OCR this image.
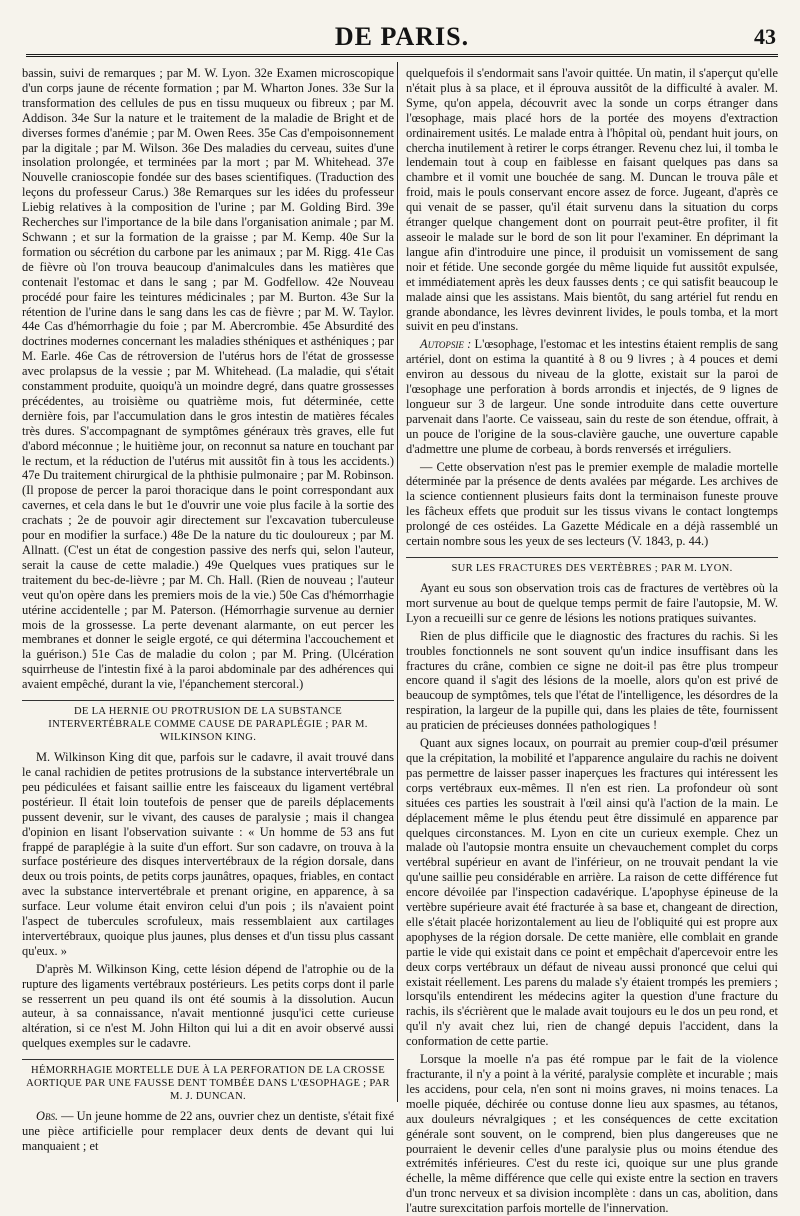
DE PARIS.	43

bassin, suivi de remarques ; par M. W. Lyon. 32e Examen microscopique d'un corps jaune de récente formation ; par M. Wharton Jones. 33e Sur la transformation des cellules de pus en tissu muqueux ou fibreux ; par M. Addison. 34e Sur la nature et le traitement de la maladie de Bright et de diverses formes d'anémie ; par M. Owen Rees. 35e Cas d'empoisonnement par la digitale ; par M. Wilson. 36e Des maladies du cerveau, suites d'une insolation prolongée, et terminées par la mort ; par M. Whitehead. 37e Nouvelle cranioscopie fondée sur des bases scientifiques. (Traduction des leçons du professeur Carus.) 38e Remarques sur les idées du professeur Liebig relatives à la composition de l'urine ; par M. Golding Bird. 39e Recherches sur l'importance de la bile dans l'organisation animale ; par M. Schwann ; et sur la formation de la graisse ; par M. Kemp. 40e Sur la formation ou sécrétion du carbone par les animaux ; par M. Rigg. 41e Cas de fièvre où l'on trouva beaucoup d'animalcules dans les matières que contenait l'estomac et dans le sang ; par M. Godfellow. 42e Nouveau procédé pour faire les teintures médicinales ; par M. Burton. 43e Sur la rétention de l'urine dans le sang dans les cas de fièvre ; par M. W. Taylor. 44e Cas d'hémorrhagie du foie ; par M. Abercrombie. 45e Absurdité des doctrines modernes concernant les maladies sthéniques et asthéniques ; par M. Earle. 46e Cas de rétroversion de l'utérus hors de l'état de grossesse avec prolapsus de la vessie ; par M. Whitehead. (La maladie, qui s'était constamment produite, quoiqu'à un moindre degré, dans quatre grossesses précédentes, au troisième ou quatrième mois, fut déterminée, cette dernière fois, par l'accumulation dans le gros intestin de matières fécales très dures. S'accompagnant de symptômes généraux très graves, elle fut d'abord méconnue ; le huitième jour, on reconnut sa nature en touchant par le rectum, et la réduction de l'utérus mit aussitôt fin à tous les accidents.) 47e Du traitement chirurgical de la phthisie pulmonaire ; par M. Robinson. (Il propose de percer la paroi thoracique dans le point correspondant aux cavernes, et cela dans le but 1e d'ouvrir une voie plus facile à la sortie des crachats ; 2e de pouvoir agir directement sur l'excavation tuberculeuse pour en modifier la surface.) 48e De la nature du tic douloureux ; par M. Allnatt. (C'est un état de congestion passive des nerfs qui, selon l'auteur, serait la cause de cette maladie.) 49e Quelques vues pratiques sur le traitement du bec-de-lièvre ; par M. Ch. Hall. (Rien de nouveau ; l'auteur veut qu'on opère dans les premiers mois de la vie.) 50e Cas d'hémorrhagie utérine accidentelle ; par M. Paterson. (Hémorrhagie survenue au dernier mois de la grossesse. La perte devenant alarmante, on eut percer les membranes et donner le seigle ergoté, ce qui détermina l'accouchement et la guérison.) 51e Cas de maladie du colon ; par M. Pring. (Ulcération squirrheuse de l'intestin fixé à la paroi abdominale par des adhérences qui avaient empêché, durant la vie, l'épanchement stercoral.)

DE LA HERNIE OU PROTRUSION DE LA SUBSTANCE INTERVERTÉBRALE COMME CAUSE DE PARAPLÉGIE ; PAR M. WILKINSON KING.

M. Wilkinson King dit que, parfois sur le cadavre, il avait trouvé dans le canal rachidien de petites protrusions de la substance intervertébrale un peu pédiculées et faisant saillie entre les faisceaux du ligament vertébral postérieur. Il était loin toutefois de penser que de pareils déplacements pussent devenir, sur le vivant, des causes de paralysie ; mais il changea d'opinion en lisant l'observation suivante : « Un homme de 53 ans fut frappé de paraplégie à la suite d'un effort. Sur son cadavre, on trouva à la surface postérieure des disques intervertébraux de la région dorsale, dans deux ou trois points, de petits corps jaunâtres, opaques, friables, en contact avec la substance intervertébrale et prenant origine, en apparence, à sa surface. Leur volume était environ celui d'un pois ; ils n'avaient point l'aspect de tubercules scrofuleux, mais ressemblaient aux cartilages intervertébraux, quoique plus jaunes, plus denses et d'un tissu plus cassant qu'eux. »

D'après M. Wilkinson King, cette lésion dépend de l'atrophie ou de la rupture des ligaments vertébraux postérieurs. Les petits corps dont il parle se resserrent un peu quand ils ont été soumis à la dissolution. Aucun auteur, à sa connaissance, n'avait mentionné jusqu'ici cette curieuse altération, si ce n'est M. John Hilton qui lui a dit en avoir observé aussi quelques exemples sur le cadavre.

HÉMORRHAGIE MORTELLE DUE À LA PERFORATION DE LA CROSSE AORTIQUE PAR UNE FAUSSE DENT TOMBÉE DANS L'ŒSOPHAGE ; PAR M. J. DUNCAN.

Obs. — Un jeune homme de 22 ans, ouvrier chez un dentiste, s'était fixé une pièce artificielle pour remplacer deux dents de devant qui lui manquaient ; et

quelquefois il s'endormait sans l'avoir quittée. Un matin, il s'aperçut qu'elle n'était plus à sa place, et il éprouva aussitôt de la difficulté à avaler. M. Syme, qu'on appela, découvrit avec la sonde un corps étranger dans l'œsophage, mais placé hors de la portée des moyens d'extraction ordinairement usités. Le malade entra à l'hôpital où, pendant huit jours, on chercha inutilement à retirer le corps étranger. Revenu chez lui, il tomba le lendemain tout à coup en faiblesse en faisant quelques pas dans sa chambre et il vomit une bouchée de sang. M. Duncan le trouva pâle et froid, mais le pouls conservant encore assez de force. Jugeant, d'après ce qui venait de se passer, qu'il était survenu dans la situation du corps étranger quelque changement dont on pourrait peut-être profiter, il fit asseoir le malade sur le bord de son lit pour l'examiner. En déprimant la langue afin d'introduire une pince, il produisit un vomissement de sang noir et fétide. Une seconde gorgée du même liquide fut aussitôt expulsée, et immédiatement après les deux fausses dents ; ce qui satisfit beaucoup le malade ainsi que les assistans. Mais bientôt, du sang artériel fut rendu en grande abondance, les lèvres devinrent livides, le pouls tomba, et la mort suivit en peu d'instans.

Autopsie : L'œsophage, l'estomac et les intestins étaient remplis de sang artériel, dont on estima la quantité à 8 ou 9 livres ; à 4 pouces et demi environ au dessous du niveau de la glotte, existait sur la paroi de l'œsophage une perforation à bords arrondis et injectés, de 9 lignes de longueur sur 3 de largeur. Une sonde introduite dans cette ouverture parvenait dans l'aorte. Ce vaisseau, sain du reste de son étendue, offrait, à un pouce de l'origine de la sous-clavière gauche, une ouverture capable d'admettre une plume de corbeau, à bords renversés et irréguliers.

— Cette observation n'est pas le premier exemple de maladie mortelle déterminée par la présence de dents avalées par mégarde. Les archives de la science contiennent plusieurs faits dont la terminaison funeste prouve les fâcheux effets que produit sur les tissus vivans le contact longtemps prolongé de ces ostéides. La Gazette Médicale en a déjà rassemblé un certain nombre sous les yeux de ses lecteurs (V. 1843, p. 44.)

SUR LES FRACTURES DES VERTÈBRES ; PAR M. LYON.

Ayant eu sous son observation trois cas de fractures de vertèbres où la mort survenue au bout de quelque temps permit de faire l'autopsie, M. W. Lyon a recueilli sur ce genre de lésions les notions pratiques suivantes.

Rien de plus difficile que le diagnostic des fractures du rachis. Si les troubles fonctionnels ne sont souvent qu'un indice insuffisant dans les fractures du crâne, combien ce signe ne doit-il pas être plus trompeur encore quand il s'agit des lésions de la moelle, alors qu'on est privé de beaucoup de symptômes, tels que l'état de l'intelligence, les désordres de la respiration, la largeur de la pupille qui, dans les plaies de tête, fournissent au praticien de précieuses données pathologiques !

Quant aux signes locaux, on pourrait au premier coup-d'œil présumer que la crépitation, la mobilité et l'apparence angulaire du rachis ne doivent pas permettre de laisser passer inaperçues les fractures qui intéressent les corps vertébraux eux-mêmes. Il n'en est rien. La profondeur où sont situées ces parties les soustrait à l'œil ainsi qu'à l'action de la main. Le déplacement même le plus étendu peut être dissimulé en apparence par quelques circonstances. M. Lyon en cite un curieux exemple. Chez un malade où l'autopsie montra ensuite un chevauchement complet du corps vertébral supérieur en avant de l'inférieur, on ne trouvait pendant la vie qu'une saillie peu considérable en arrière. La raison de cette différence fut encore dévoilée par l'inspection cadavérique. L'apophyse épineuse de la vertèbre supérieure avait été fracturée à sa base et, changeant de direction, elle s'était placée horizontalement au lieu de l'obliquité qui est propre aux apophyses de la région dorsale. De cette manière, elle comblait en grande partie le vide qui existait dans ce point et empêchait d'apercevoir entre les deux corps vertébraux un défaut de niveau aussi prononcé que celui qui existait réellement. Les parens du malade s'y étaient trompés les premiers ; lorsqu'ils entendirent les médecins agiter la question d'une fracture du rachis, ils s'écrièrent que le malade avait toujours eu le dos un peu rond, et qu'il n'y avait chez lui, rien de changé depuis l'accident, dans la conformation de cette partie.

Lorsque la moelle n'a pas été rompue par le fait de la violence fracturante, il n'y a point à la vérité, paralysie complète et incurable ; mais les accidens, pour cela, n'en sont ni moins graves, ni moins tenaces. La moelle piquée, déchirée ou contuse donne lieu aux spasmes, au tétanos, aux douleurs névralgiques ; et les conséquences de cette excitation générale sont souvent, on le comprend, bien plus dangereuses que ne pourraient le devenir celles d'une paralysie plus ou moins étendue des extrémités inférieures. C'est du reste ici, quoique sur une plus grande échelle, la même différence que celle qui existe entre la section en travers d'un tronc nerveux et sa division incomplète : dans un cas, abolition, dans l'autre surexcitation parfois mortelle de l'innervation.
